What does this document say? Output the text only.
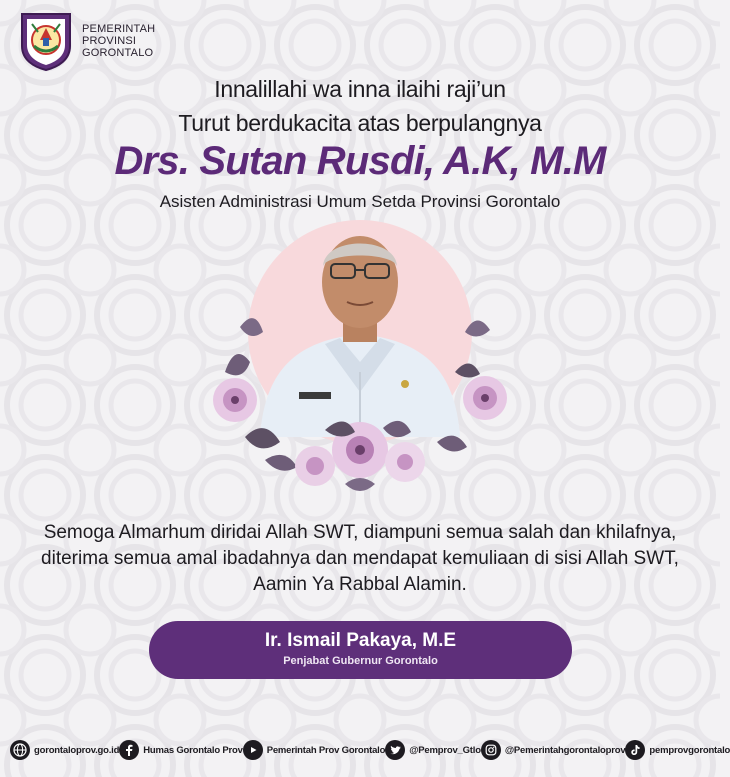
PEMERINTAH
PROVINSI
GORONTALO
Innalillahi wa inna ilaihi raji’un
Turut berdukacita atas berpulangnya
Drs. Sutan Rusdi, A.K, M.M
Asisten Administrasi Umum Setda Provinsi Gorontalo
Semoga Almarhum diridai Allah SWT, diampuni semua salah dan khilafnya,
diterima semua amal ibadahnya dan mendapat kemuliaan di sisi Allah SWT,
Aamin Ya Rabbal Alamin.
Ir. Ismail Pakaya, M.E
Penjabat Gubernur Gorontalo
gorontaloprov.go.id	Humas Gorontalo Prov	Pemerintah Prov Gorontalo	@Pemprov_Gtlo	@Pemerintahgorontaloprov	pemprovgorontalo
